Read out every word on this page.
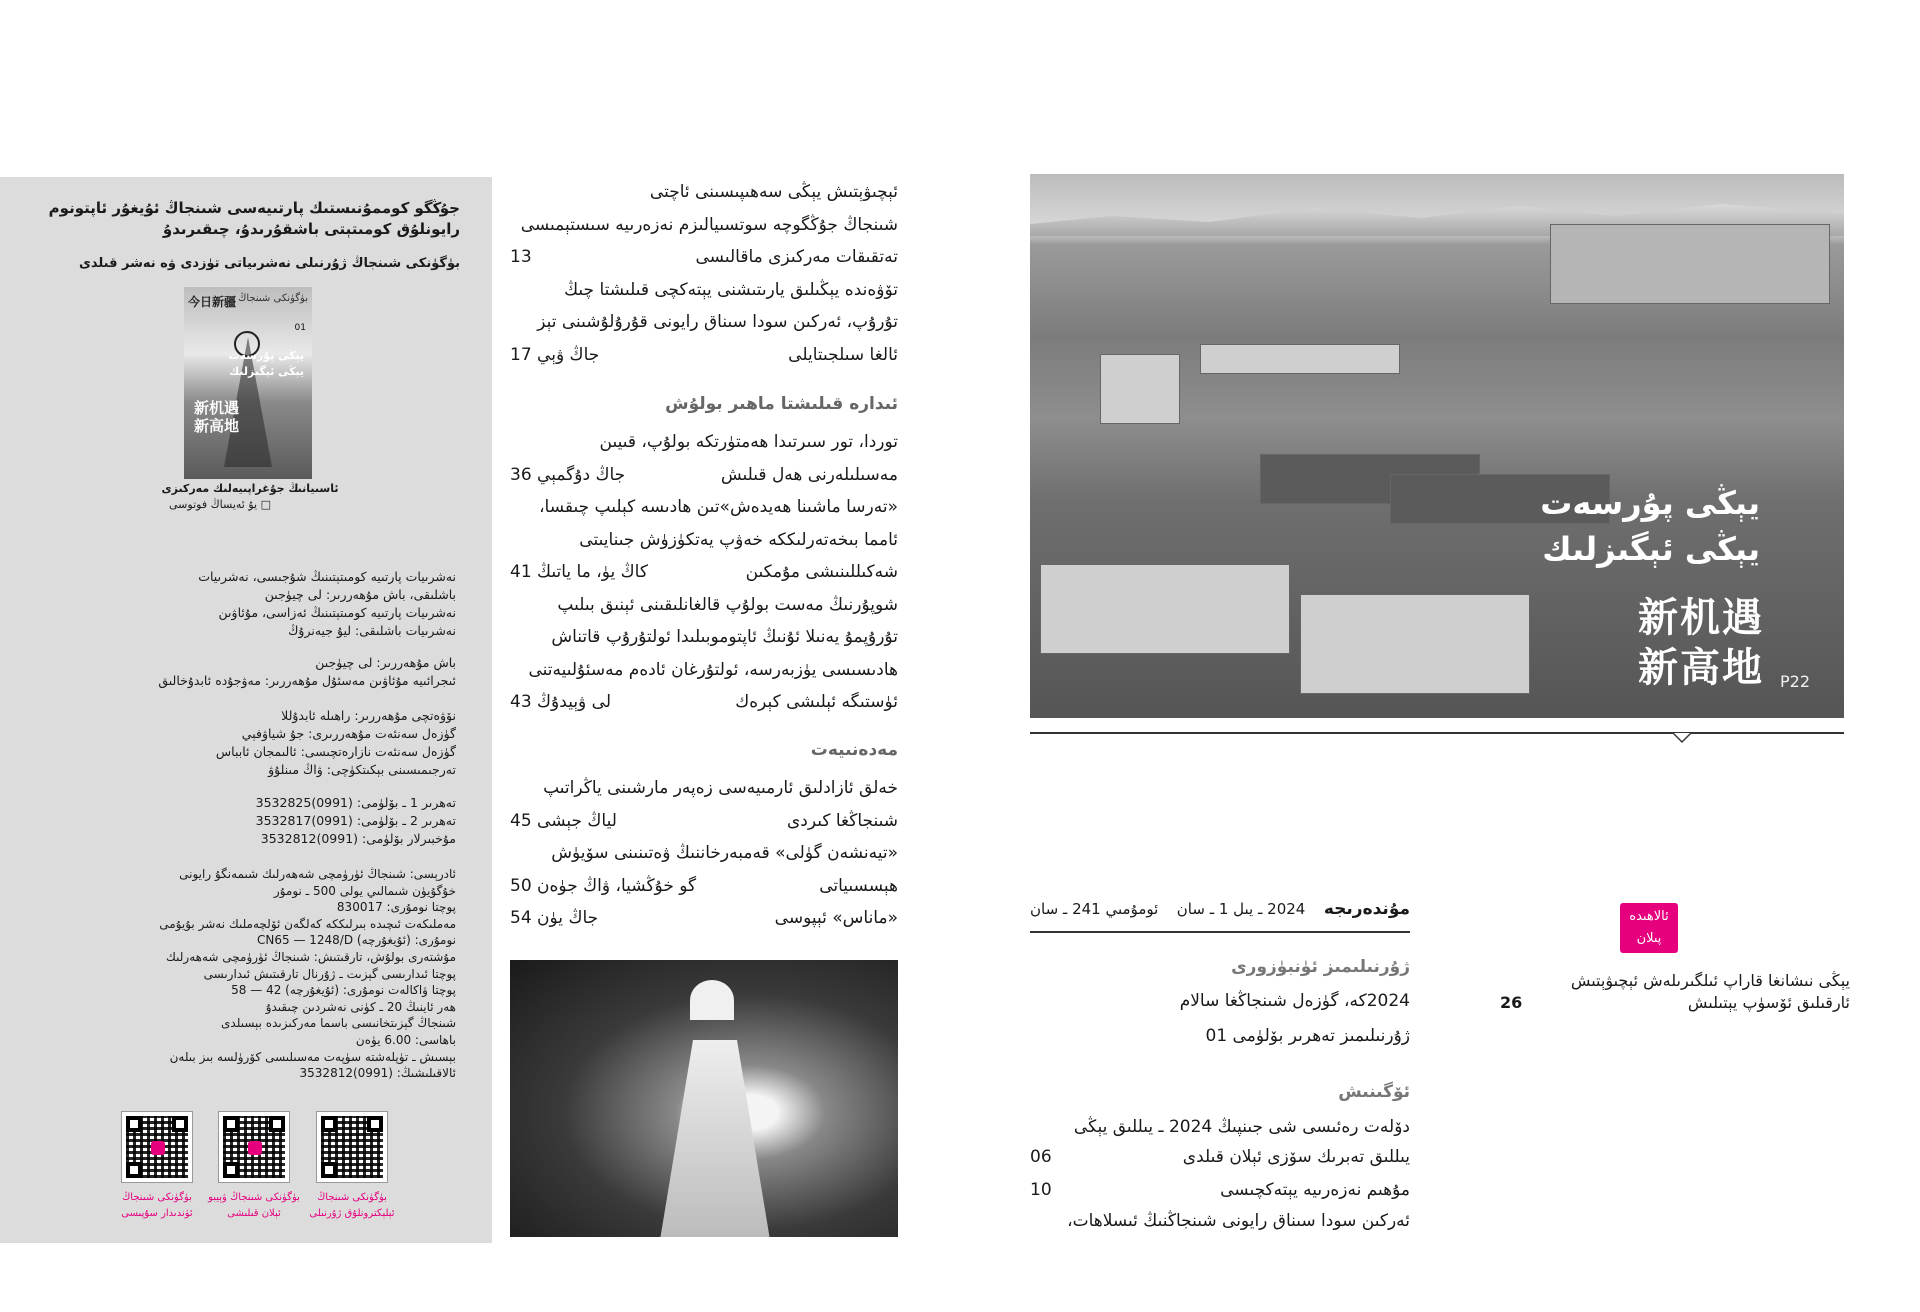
جۇڭگو كوممۇنىستىك پارتىيەسى شىنجاڭ ئۇيغۇر ئاپتونوم رايونلۇق كومىتېتى باشقۇرىدۇ، چىقىرىدۇ
بۈگۈنكى شىنجاڭ ژۇرنىلى نەشرىياتى تۈزدى ۋە نەشر قىلدى
今日新疆 بۈگۈنكى شىنجاڭ
01
يېڭى پۇرسەت
يېڭى ئېگىزلىك
新机遇
新高地
ئاسىيانىڭ جۇغراپىيەلىك مەركىزى
□ يۇ ئەيساڭ فوتوسى
نەشرىيات پارتىيە كومىتېتىنىڭ شۇجىسى، نەشرىيات
باشلىقى، باش مۇھەررىر: لى چيۈجىن
نەشرىيات پارتىيە كومىتېتىنىڭ ئەزاسى، مۇئاۋىن
نەشرىيات باشلىقى: ليۇ جيەنرۇڭ
باش مۇھەررىر: لى چيۈجىن
ئىجرائىيە مۇئاۋىن مەسئۇل مۇھەررىر: مەۋجۇدە ئابدۇخالىق
نۆۋەتچى مۇھەررىر: راھىلە ئابدۇللا
گۈزەل سەنئەت مۇھەررىرى: جۇ شياۋفېي
گۈزەل سەنئەت نازارەتچىسى: ئالىمجان ئابباس
تەرجىمىسىنى بېكىتكۈچى: ۋاڭ مىنلۇۋ
تەھرىر 1 ـ بۆلۈمى: (0991)3532825
تەھرىر 2 ـ بۆلۈمى: (0991)3532817
مۇخبىرلار بۆلۈمى: (0991)3532812
ئادرېسى: شىنجاڭ ئۈرۈمچى شەھەرلىك شىمەنگۇ رايونى
خۇگۇيۈن شىمالىي يولى 500 ـ نومۇر
پوچتا نومۇرى: 830017
مەملىكەت ئىچىدە بىرلىككە كەلگەن ئۆلچەملىك نەشر بۇيۇمى
نومۇرى: (ئۇيغۇرچە) CN65 — 1248/D
مۇشتەرى بولۇش، تارقىتىش: شىنجاڭ ئۈرۈمچى شەھەرلىك
پوچتا ئىدارىسى گېزىت ـ ژۇرنال تارقىتىش ئىدارىسى
پوچتا ۋاكالەت نومۇرى: (ئۇيغۇرچە) 42 — 58
ھەر ئاينىڭ 20 ـ كۈنى نەشردىن چىقىدۇ
شىنجاڭ گېزىتخانىسى باسما مەركىزىدە بېسىلدى
باھاسى: 6.00 يۈەن
بېسىش ـ تۈپلەشتە سۈپەت مەسىلىسى كۆرۈلسە بىز بىلەن
ئالاقىلىشىڭ: (0991)3532812
بۈگۈنكى شىنجاڭ ئۈندىدار سۇپىسى
بۈگۈنكى شىنجاڭ ۋېيبو ئېلان قىلىشى
بۈگۈنكى شىنجاڭ ئېلېكترونلۇق ژۇرنىلى
ئېچىۋېتىش يېڭى سەھىپىسىنى ئاچتى
شىنجاڭ جۇڭگوچە سوتسىيالىزم نەزەرىيە سىستېمىسى
13	تەتقىقات مەركىزى ماقالىسى
تۆۋەندە يېڭىلىق يارىتىشنى يېتەكچى قىلىشتا چىڭ
تۇرۇپ، ئەركىن سودا سىناق رايونى قۇرۇلۇشىنى تېز
جاڭ ۋېي 17	ئالغا سىلجىتايلى
ئىدارە قىلىشتا ماھىر بولۇش
توردا، تور سىرتىدا ھەمتۈرتكە بولۇپ، قىيىن
جاڭ دۇگمېي 36	مەسىلىلەرنى ھەل قىلىش
«تەرسا ماشىنا ھەيدەش»تىن ھادىسە كېلىپ چىقسا،
ئامما بىخەتەرلىككە خەۋپ يەتكۈزۈش جىنايىتى
كاڭ يۈ، ما ياتىڭ 41	شەكىللىنىشى مۇمكىن
شوپۇرنىڭ مەست بولۇپ قالغانلىقىنى ئېنىق بىلىپ
تۇرۇپمۇ يەنىلا ئۇنىڭ ئاپتوموبىلىدا ئولتۇرۇپ قاتناش
ھادىسىسى يۈزبەرسە، ئولتۇرغان ئادەم مەسئۇلىيەتنى
لى ۋېيدۇڭ 43	ئۈستىگە ئېلىشى كېرەك
مەدەنىيەت
خەلق ئازادلىق ئارمىيەسى زەپەر مارشىنى ياڭراتىپ
لياڭ جېشى 45	شىنجاڭغا كىردى
«تيەنشەن گۈلى» قەمبەرخاننىڭ ۋەتىنىنى سۆيۈش
گو خۇڭشيا، ۋاڭ جۈەن 50	ھېسسىياتى
جاڭ يۈن 54	«ماناس» ئېپوسى
يېڭى پۇرسەت
يېڭى ئېگىزلىك
新机遇
新高地 P22
ئومۇمىي 241 ـ سان 2024 ـ يىل 1 ـ سان مۇندەرىجە
ژۇرنىلىمىز ئۈنبۈزورى
2024كە، گۈزەل شىنجاڭغا سالام
ژۇرنىلىمىز تەھرىر بۆلۈمى 01
ئۆگىنىش
دۆلەت رەئىسى شى جىنپىڭ 2024 ـ يىللىق يېڭى
06	يىللىق تەبرىك سۆزى ئېلان قىلدى
10	مۇھىم نەزەرىيە يېتەكچىسى
ئەركىن سودا سىناق رايونى شىنجاڭنىڭ ئىسلاھات،
ئالاھىدە
پىلان
يېڭى نىشانغا قاراپ ئىلگىرىلەش ئېچىۋېتىش
26	ئارقىلىق ئۆسۈپ يېتىلىش
